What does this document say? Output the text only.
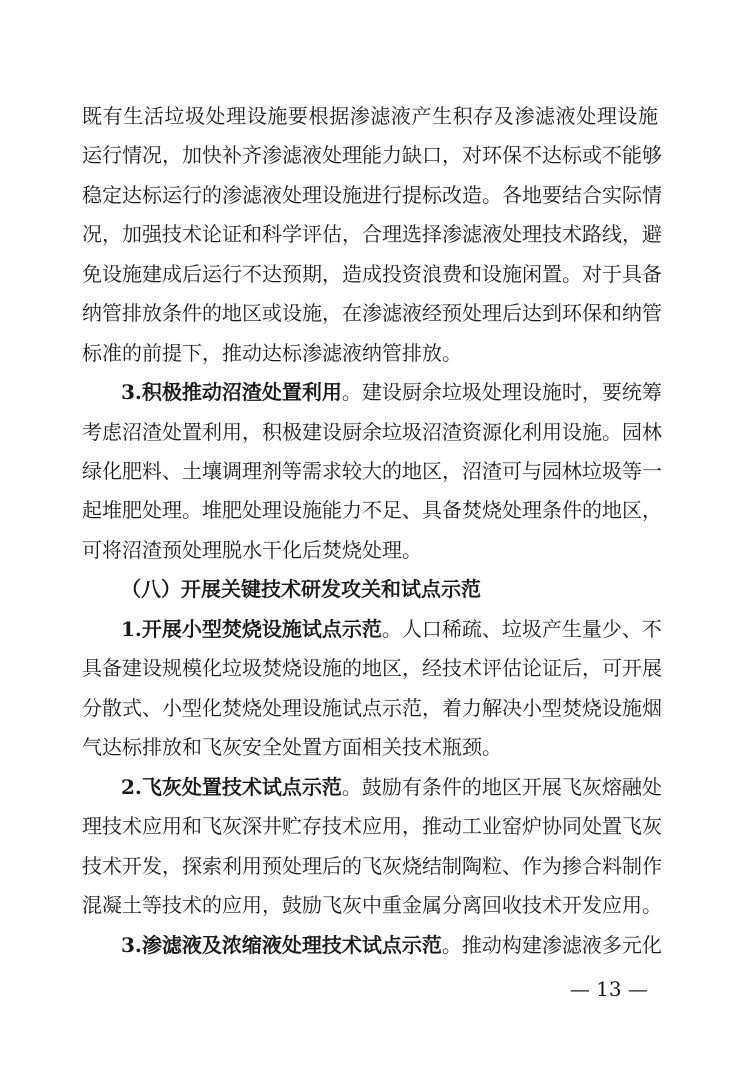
既有生活垃圾处理设施要根据渗滤液产生积存及渗滤液处理设施
运行情况，加快补齐渗滤液处理能力缺口，对环保不达标或不能够
稳定达标运行的渗滤液处理设施进行提标改造。各地要结合实际情
况，加强技术论证和科学评估，合理选择渗滤液处理技术路线，避
免设施建成后运行不达预期，造成投资浪费和设施闲置。对于具备
纳管排放条件的地区或设施，在渗滤液经预处理后达到环保和纳管
标准的前提下，推动达标渗滤液纳管排放。
3.积极推动沼渣处置利用。建设厨余垃圾处理设施时，要统筹
考虑沼渣处置利用，积极建设厨余垃圾沼渣资源化利用设施。园林
绿化肥料、土壤调理剂等需求较大的地区，沼渣可与园林垃圾等一
起堆肥处理。堆肥处理设施能力不足、具备焚烧处理条件的地区，
可将沼渣预处理脱水干化后焚烧处理。
（八）开展关键技术研发攻关和试点示范
1.开展小型焚烧设施试点示范。人口稀疏、垃圾产生量少、不
具备建设规模化垃圾焚烧设施的地区，经技术评估论证后，可开展
分散式、小型化焚烧处理设施试点示范，着力解决小型焚烧设施烟
气达标排放和飞灰安全处置方面相关技术瓶颈。
2.飞灰处置技术试点示范。鼓励有条件的地区开展飞灰熔融处
理技术应用和飞灰深井贮存技术应用，推动工业窑炉协同处置飞灰
技术开发，探索利用预处理后的飞灰烧结制陶粒、作为掺合料制作
混凝土等技术的应用，鼓励飞灰中重金属分离回收技术开发应用。
3.渗滤液及浓缩液处理技术试点示范。推动构建渗滤液多元化
— 13 —
